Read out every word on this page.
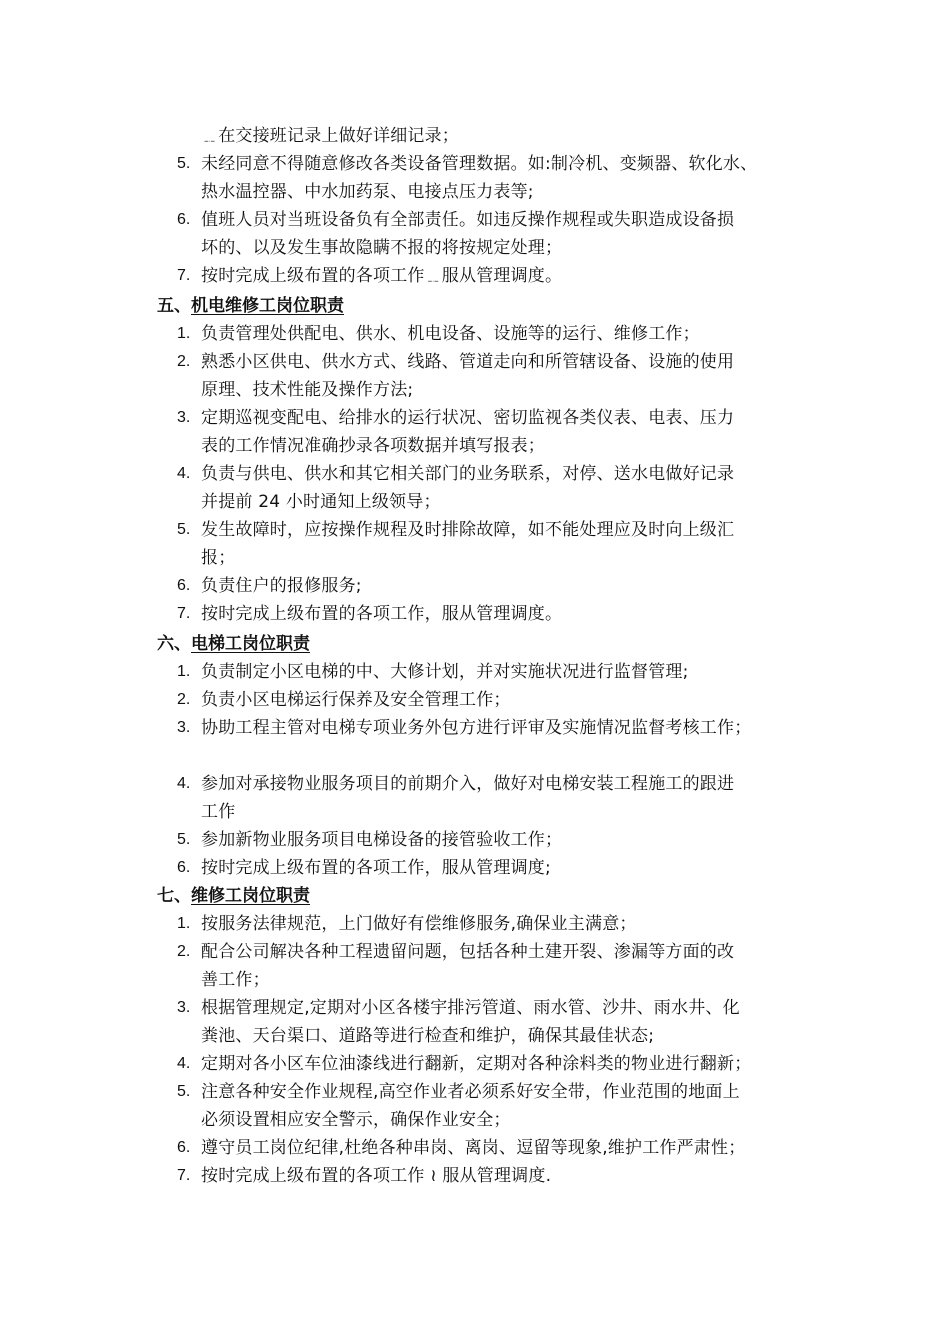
﹎在交接班记录上做好详细记录；
5. 未经同意不得随意修改各类设备管理数据。如:制冷机、变频器、软化水、
热水温控器、中水加药泵、电接点压力表等;
6. 值班人员对当班设备负有全部责任。如违反操作规程或失职造成设备损
坏的、以及发生事故隐瞒不报的将按规定处理；
7. 按时完成上级布置的各项工作﹎服从管理调度。
五、机电维修工岗位职责
1. 负责管理处供配电、供水、机电设备、设施等的运行、维修工作；
2. 熟悉小区供电、供水方式、线路、管道走向和所管辖设备、设施的使用
原理、技术性能及操作方法;
3. 定期巡视变配电、给排水的运行状况、密切监视各类仪表、电表、压力
表的工作情况准确抄录各项数据并填写报表；
4. 负责与供电、供水和其它相关部门的业务联系，对停、送水电做好记录
并提前 24 小时通知上级领导；
5. 发生故障时，应按操作规程及时排除故障，如不能处理应及时向上级汇
报；
6. 负责住户的报修服务;
7. 按时完成上级布置的各项工作，服从管理调度。
六、电梯工岗位职责
1. 负责制定小区电梯的中、大修计划，并对实施状况进行监督管理;
2. 负责小区电梯运行保养及安全管理工作；
3. 协助工程主管对电梯专项业务外包方进行评审及实施情况监督考核工作；
4. 参加对承接物业服务项目的前期介入，做好对电梯安装工程施工的跟进
工作
5. 参加新物业服务项目电梯设备的接管验收工作；
6. 按时完成上级布置的各项工作，服从管理调度;
七、维修工岗位职责
1. 按服务法律规范，上门做好有偿维修服务,确保业主满意；
2. 配合公司解决各种工程遗留问题，包括各种土建开裂、渗漏等方面的改
善工作；
3. 根据管理规定,定期对小区各楼宇排污管道、雨水管、沙井、雨水井、化
粪池、天台渠口、道路等进行检查和维护，确保其最佳状态;
4. 定期对各小区车位油漆线进行翻新，定期对各种涂料类的物业进行翻新；
5. 注意各种安全作业规程,高空作业者必须系好安全带，作业范围的地面上
必须设置相应安全警示，确保作业安全；
6. 遵守员工岗位纪律,杜绝各种串岗、离岗、逗留等现象,维护工作严肃性；
7. 按时完成上级布置的各项工作 ≀ 服从管理调度.
